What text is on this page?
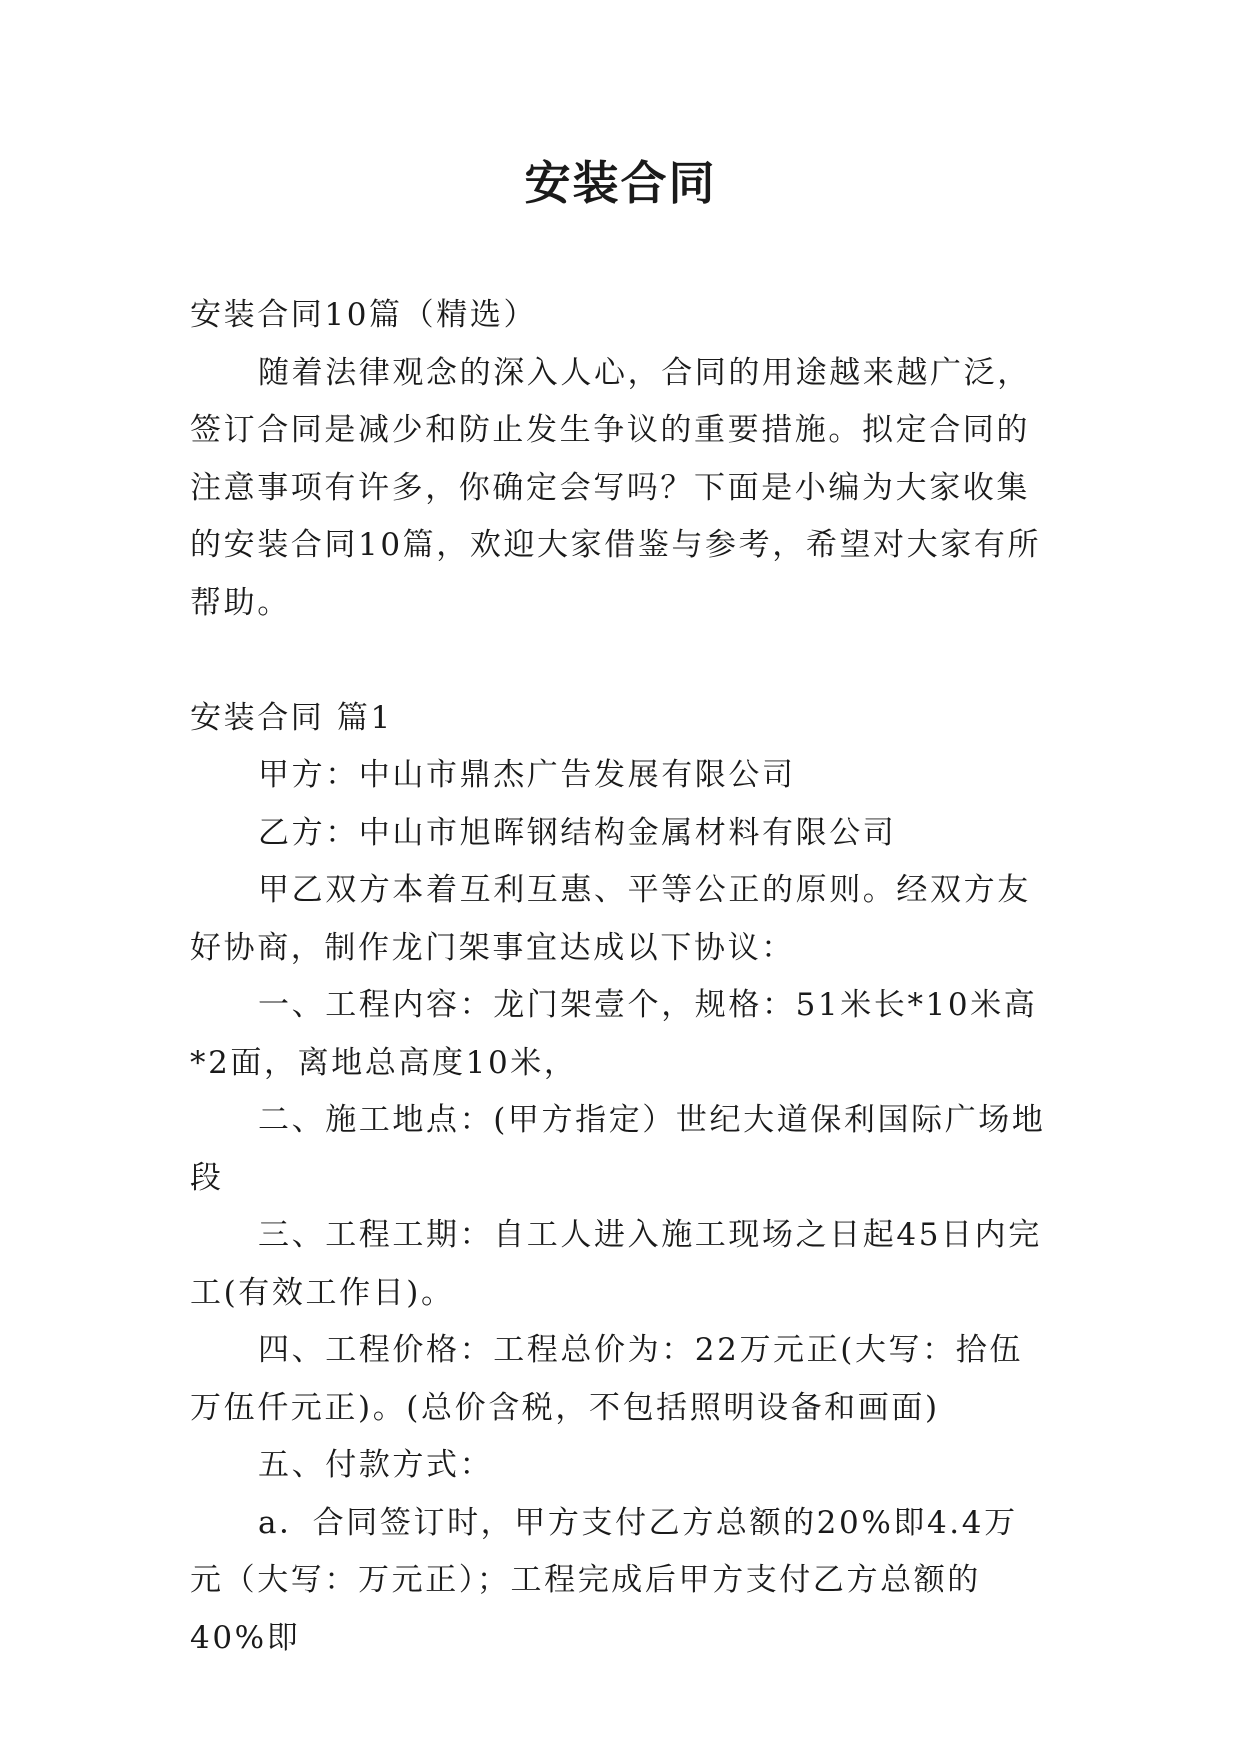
安装合同

安装合同10篇（精选）

随着法律观念的深入人心，合同的用途越来越广泛，签订合同是减少和防止发生争议的重要措施。拟定合同的注意事项有许多，你确定会写吗？下面是小编为大家收集的安装合同10篇，欢迎大家借鉴与参考，希望对大家有所帮助。

安装合同 篇1

甲方：中山市鼎杰广告发展有限公司

乙方：中山市旭晖钢结构金属材料有限公司

甲乙双方本着互利互惠、平等公正的原则。经双方友好协商，制作龙门架事宜达成以下协议：

一、工程内容：龙门架壹个，规格：51米长*10米高*2面，离地总高度10米，

二、施工地点：(甲方指定）世纪大道保利国际广场地段

三、工程工期：自工人进入施工现场之日起45日内完工(有效工作日)。

四、工程价格：工程总价为：22万元正(大写：拾伍万伍仟元正)。(总价含税，不包括照明设备和画面)

五、付款方式：

a．合同签订时，甲方支付乙方总额的20%即4.4万元（大写：万元正）；工程完成后甲方支付乙方总额的40%即
